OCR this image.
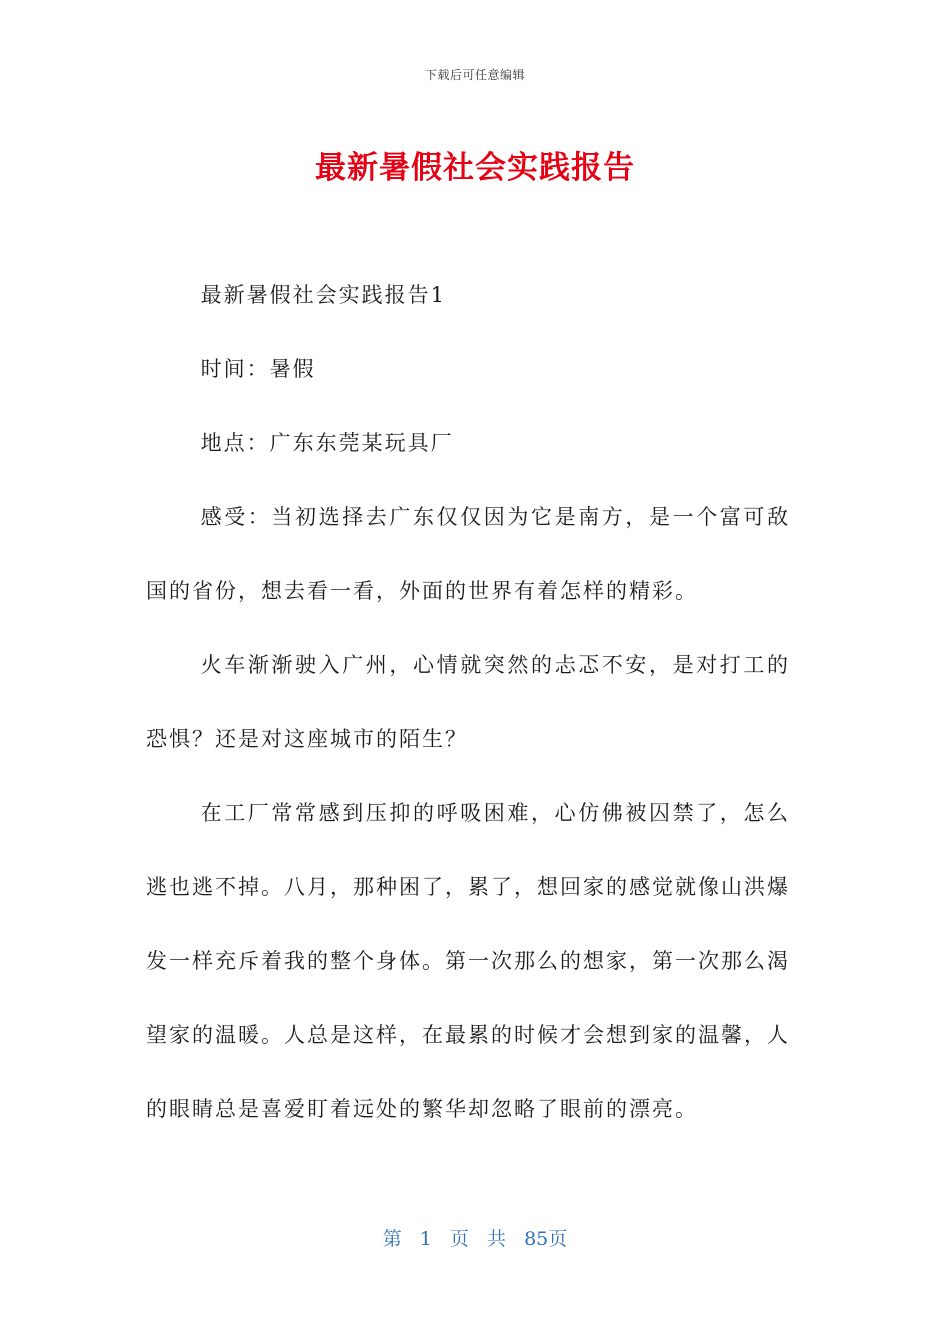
下载后可任意编辑
最新暑假社会实践报告

最新暑假社会实践报告1

时间：暑假

地点：广东东莞某玩具厂

感受：当初选择去广东仅仅因为它是南方，是一个富可敌国的省份，想去看一看，外面的世界有着怎样的精彩。

火车渐渐驶入广州，心情就突然的忐忑不安，是对打工的恐惧？还是对这座城市的陌生？

在工厂常常感到压抑的呼吸困难，心仿佛被囚禁了，怎么逃也逃不掉。八月，那种困了，累了，想回家的感觉就像山洪爆发一样充斥着我的整个身体。第一次那么的想家，第一次那么渴望家的温暖。人总是这样，在最累的时候才会想到家的温馨，人的眼睛总是喜爱盯着远处的繁华却忽略了眼前的漂亮。

第 1 页 共 85页
